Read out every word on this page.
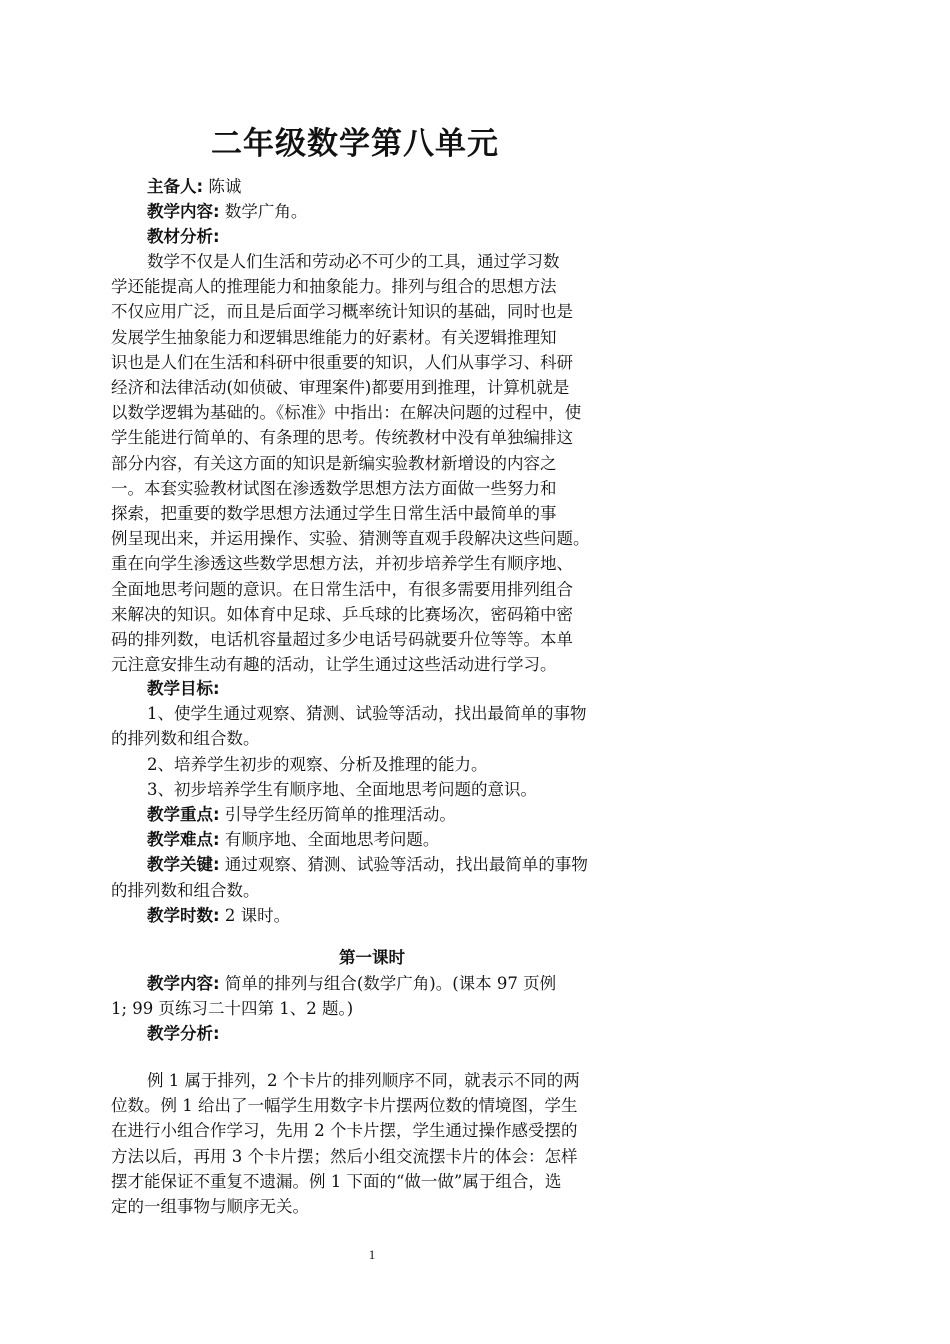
二年级数学第八单元
主备人: 陈诚
教学内容: 数学广角。
教材分析:
数学不仅是人们生活和劳动必不可少的工具，通过学习数
学还能提高人的推理能力和抽象能力。排列与组合的思想方法
不仅应用广泛，而且是后面学习概率统计知识的基础，同时也是
发展学生抽象能力和逻辑思维能力的好素材。有关逻辑推理知
识也是人们在生活和科研中很重要的知识，人们从事学习、科研
经济和法律活动(如侦破、审理案件)都要用到推理，计算机就是
以数学逻辑为基础的。《标准》中指出：在解决问题的过程中，使
学生能进行简单的、有条理的思考。传统教材中没有单独编排这
部分内容，有关这方面的知识是新编实验教材新增设的内容之
一。本套实验教材试图在渗透数学思想方法方面做一些努力和
探索，把重要的数学思想方法通过学生日常生活中最简单的事
例呈现出来，并运用操作、实验、猜测等直观手段解决这些问题。
重在向学生渗透这些数学思想方法，并初步培养学生有顺序地、
全面地思考问题的意识。在日常生活中，有很多需要用排列组合
来解决的知识。如体育中足球、乒乓球的比赛场次，密码箱中密
码的排列数，电话机容量超过多少电话号码就要升位等等。本单
元注意安排生动有趣的活动，让学生通过这些活动进行学习。
教学目标:
1、使学生通过观察、猜测、试验等活动，找出最简单的事物
的排列数和组合数。
2、培养学生初步的观察、分析及推理的能力。
3、初步培养学生有顺序地、全面地思考问题的意识。
教学重点: 引导学生经历简单的推理活动。
教学难点: 有顺序地、全面地思考问题。
教学关键: 通过观察、猜测、试验等活动，找出最简单的事物
的排列数和组合数。
教学时数: 2 课时。
第一课时
教学内容: 简单的排列与组合(数学广角)。(课本 97 页例
1; 99 页练习二十四第 1、2 题。)
教学分析:
例 1 属于排列，2 个卡片的排列顺序不同，就表示不同的两
位数。例 1 给出了一幅学生用数字卡片摆两位数的情境图，学生
在进行小组合作学习，先用 2 个卡片摆，学生通过操作感受摆的
方法以后，再用 3 个卡片摆；然后小组交流摆卡片的体会：怎样
摆才能保证不重复不遗漏。例 1 下面的“做一做”属于组合，选
定的一组事物与顺序无关。
1
